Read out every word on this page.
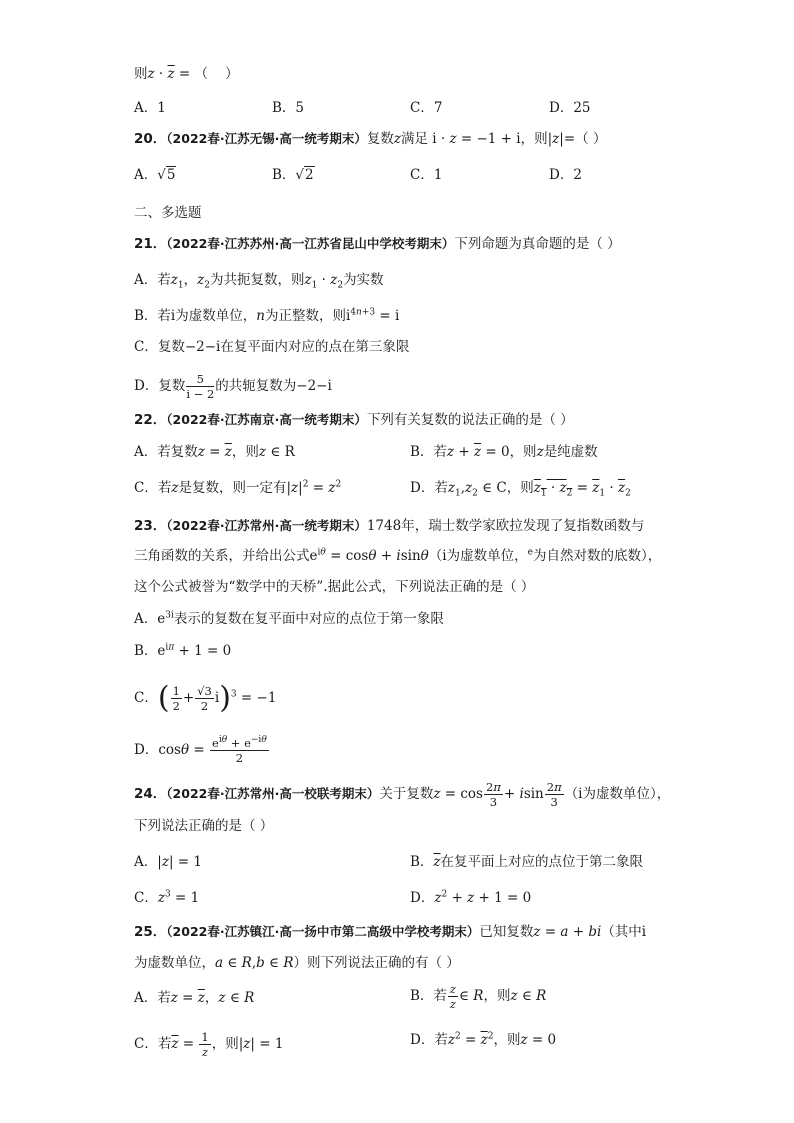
则$z \cdot \overline{z}$ = （    ）
A．1	B．5	C．7	D．25
20．（2022春·江苏无锡·高一统考期末）复数z满足 i · z = −1 + i，则|z|=（ ）
A．√5	B．√2	C．1	D．2
二、多选题
21．（2022春·江苏苏州·高一江苏省昆山中学校考期末）下列命题为真命题的是（ ）
A．若$z_1$，$z_2$为共扼复数，则$z_1 \cdot z_2$为实数
B．若i为虚数单位，n为正整数，则$i^{4n+3} = i$
C．复数−2−i在复平面内对应的点在第三象限
D．复数 $\frac{5}{i - 2}$ 的共轭复数为−2−i
22．（2022春·江苏南京·高一统考期末）下列有关复数的说法正确的是（ ）
A．若复数$z = \overline{z}$，则z ∈ R	B．若$z + \overline{z} = 0$，则z是纯虚数
C．若z是复数，则一定有$|z|^2 = z^2$	D．若$z_1,z_2$ ∈ C，则$z_1 \cdot z_2 = \overline{z}_1 \cdot \overline{z}_2$
23．（2022春·江苏常州·高一统考期末）1748年，瑞士数学家欧拉发现了复指数函数与
三角函数的关系，并给出公式$e^{i\theta} = \cos\theta + isin\theta(i$为虚数单位，$^e$为自然对数的底数），
这个公式被誉为“数学中的天桥”.据此公式，下列说法正确的是（ ）
A．$e^{3i}$表示的复数在复平面中对应的点位于第一象限
B．$e^{i\pi} + 1 = 0$
C．( $\frac{1}{2} + \frac{√3}{2} i)^3 = -1$
D．$\cos\theta = \frac{e^{i\theta} + e^{-i\theta}}{2}$
24．（2022春·江苏常州·高一校联考期末）关于复数$z = \cos \frac{2\pi}{3} + isin \frac{2\pi}{3} (i$为虚数单位），
下列说法正确的是（ ）
A．|z| = 1	B．$\overline{z}$在复平面上对应的点位于第二象限
C．$z^3 = 1$	D．$z^2 + z + 1 = 0$
25．（2022春·江苏镇江·高一扬中市第二高级中学校考期末）已知复数z = a + bi（其中i
为虚数单位，a ∈ R,b ∈ R）则下列说法正确的有（ ）
A．若$z = \overline{z}$，z ∈ R	B．若 $\frac{z}{z}$ ∈ R，则z ∈ R
C．若$\overline{z} = \frac{1}{z}$ ，则|z| = 1	D．若$z^2 = \overline{z}^2$，则z = 0
